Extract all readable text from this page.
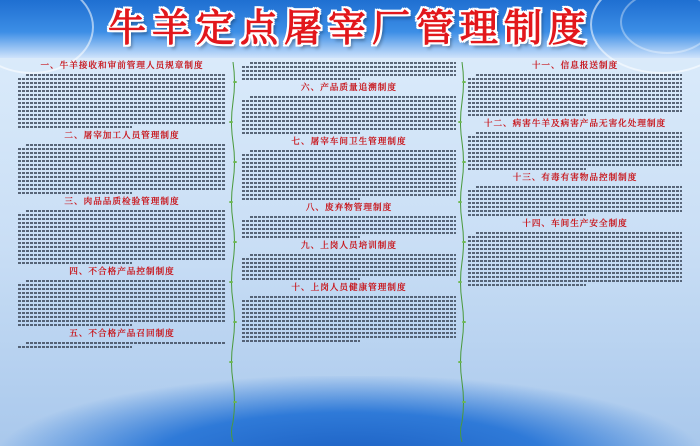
牛羊定点屠宰厂管理制度
一、牛羊接收和审前管理人员规章制度

二、屠宰加工人员管理制度

三、肉品品质检验管理制度

四、不合格产品控制制度

五、不合格产品召回制度

六、产品质量追溯制度

七、屠宰车间卫生管理制度

八、废弃物管理制度

九、上岗人员培训制度

十、上岗人员健康管理制度

十一、信息报送制度

十二、病害牛羊及病害产品无害化处理制度

十三、有毒有害物品控制制度

十四、车间生产安全制度
